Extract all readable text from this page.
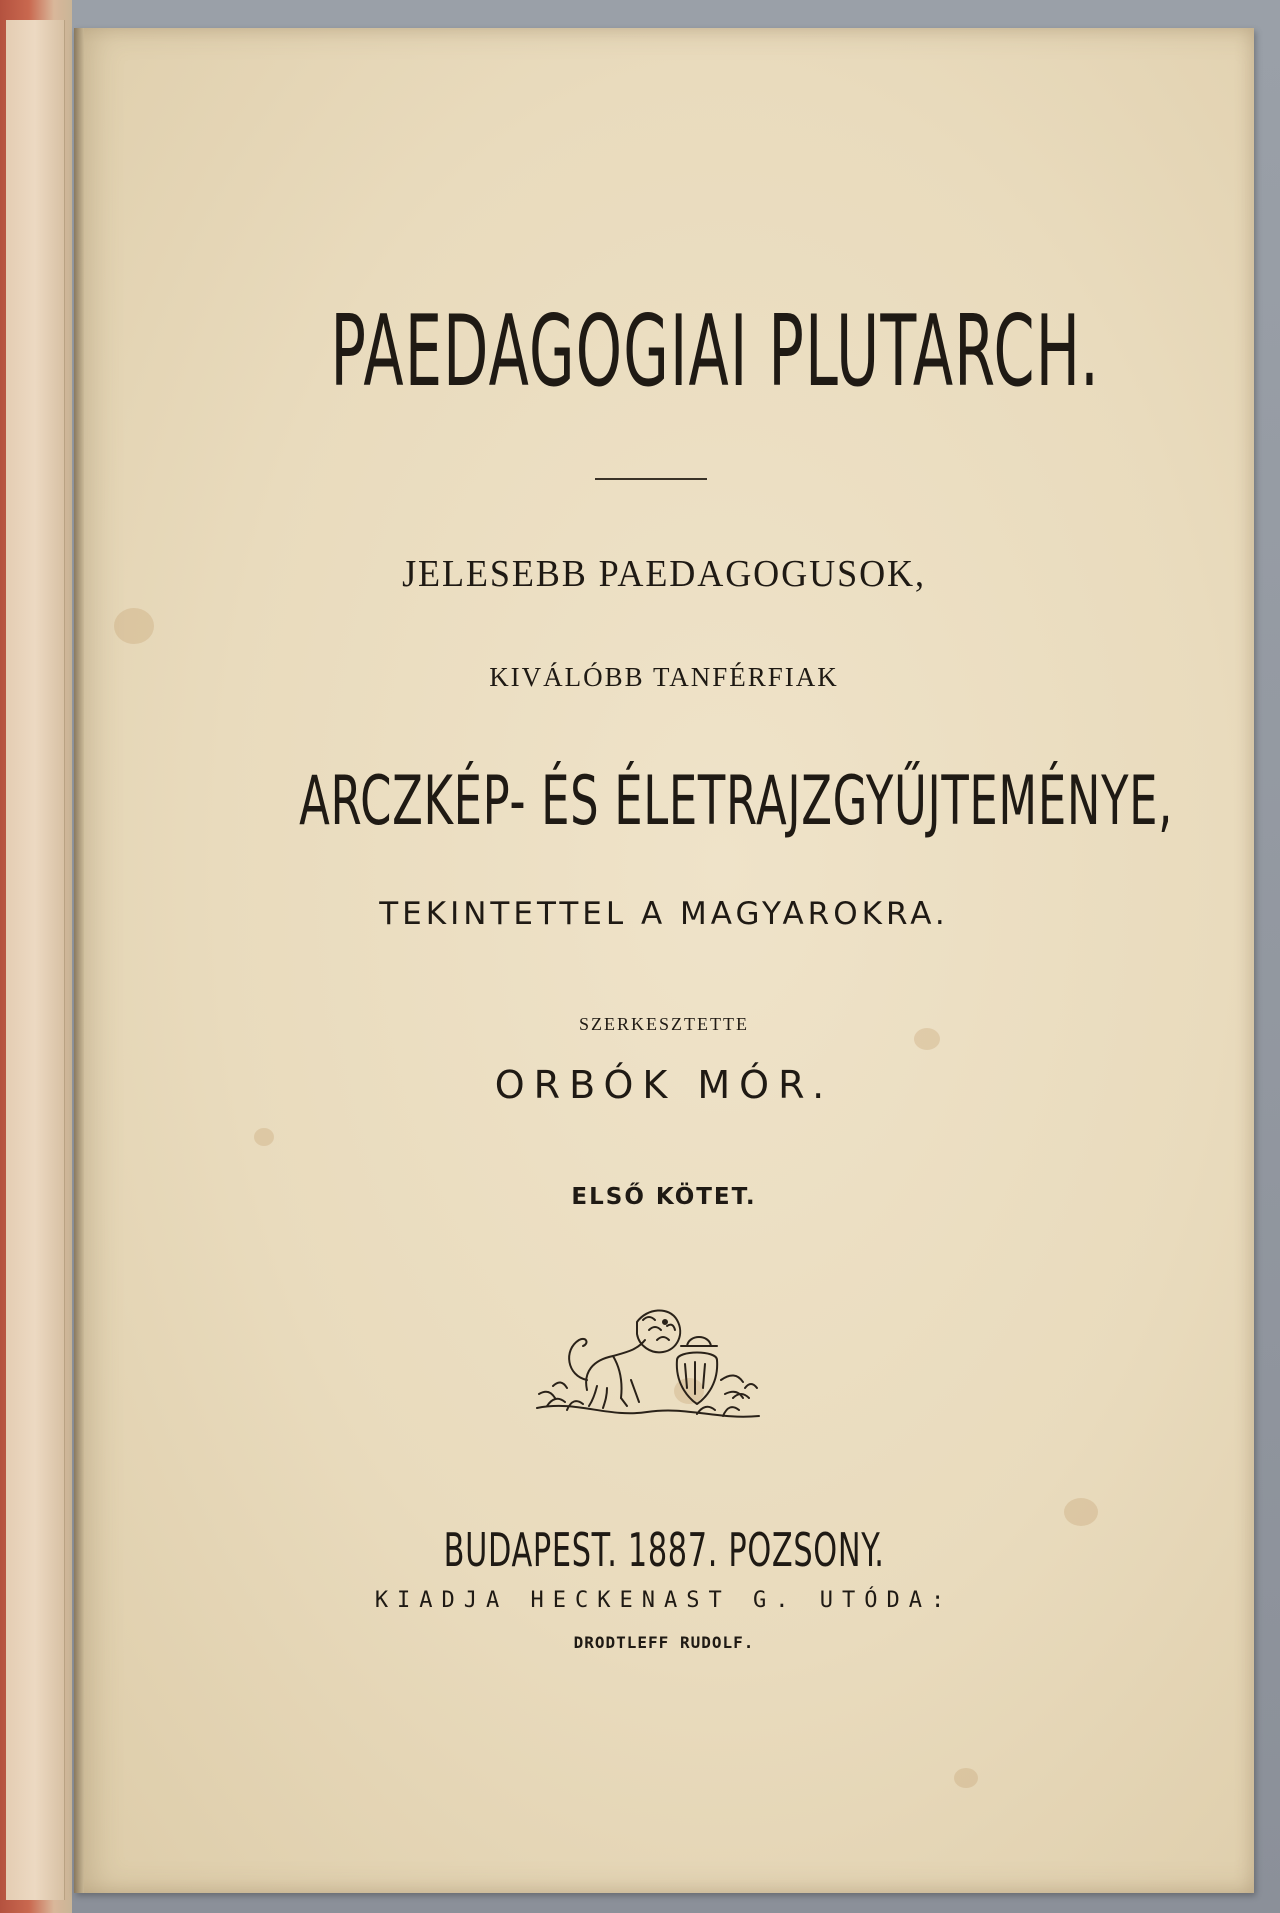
PAEDAGOGIAI PLUTARCH.
JELESEBB PAEDAGOGUSOK,
KIVÁLÓBB TANFÉRFIAK
ARCZKÉP- ÉS ÉLETRAJZGYŰJTEMÉNYE,
TEKINTETTEL A MAGYAROKRA.
SZERKESZTETTE
ORBÓK MÓR.
ELSŐ KÖTET.
BUDAPEST. 1887. POZSONY.
KIADJA HECKENAST G. UTÓDA:
DRODTLEFF RUDOLF.
